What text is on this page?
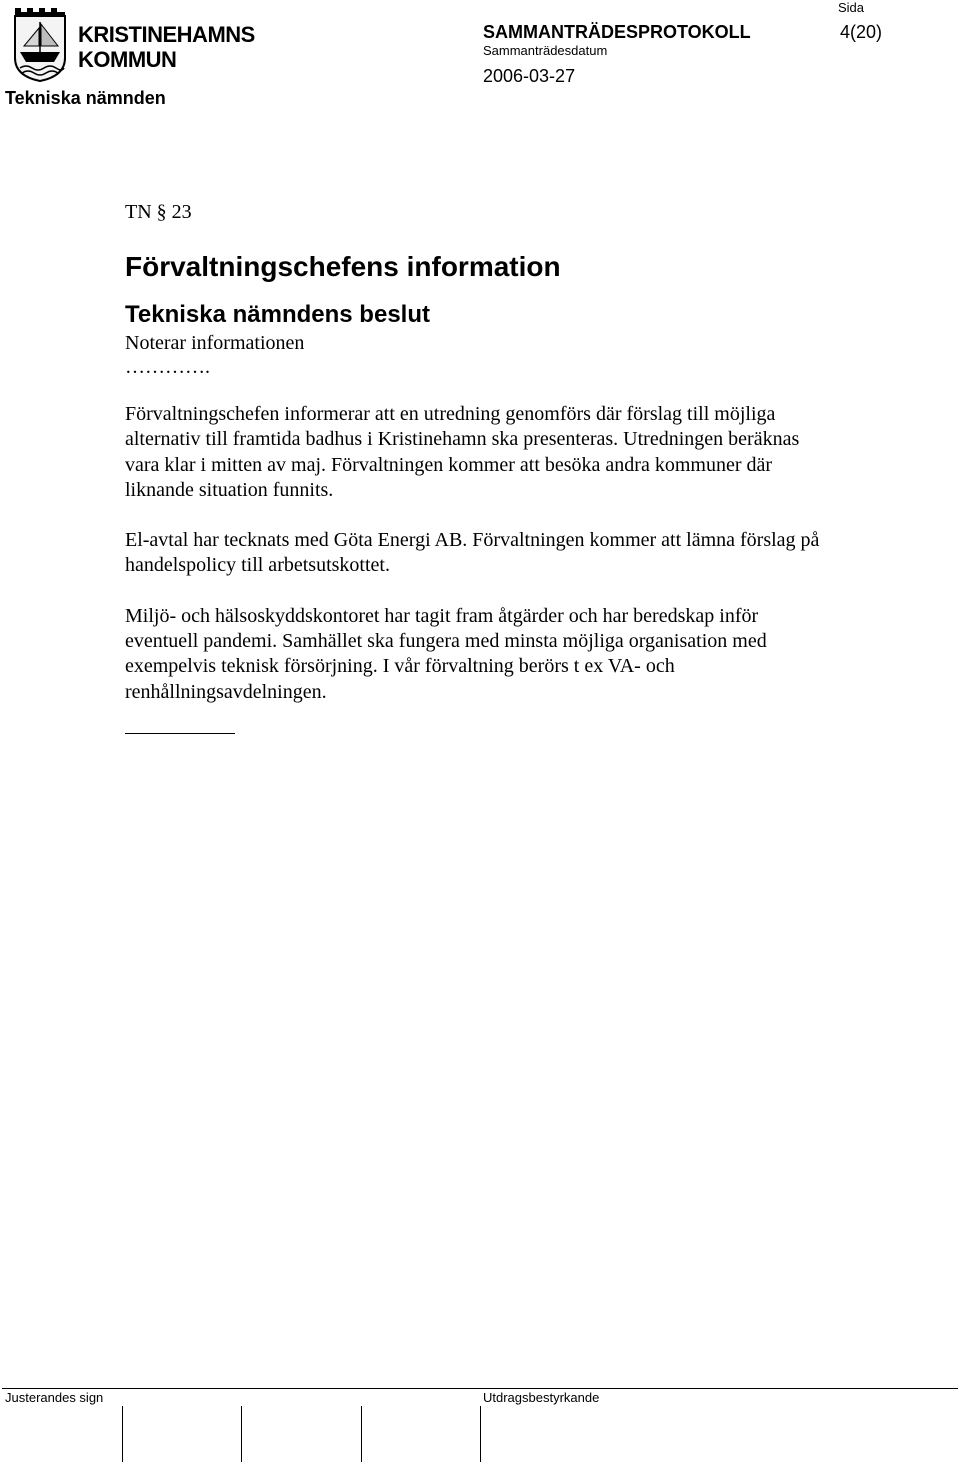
KRISTINEHAMNS
KOMMUN
Tekniska nämnden
SAMMANTRÄDESPROTOKOLL
Sammanträdesdatum
2006-03-27
Sida
4(20)

TN § 23

Förvaltningschefens information
Tekniska nämndens beslut

Noterar informationen

………….

Förvaltningschefen informerar att en utredning genomförs där förslag till möjliga alternativ till framtida badhus i Kristinehamn ska presenteras. Utredningen beräknas vara klar i mitten av maj. Förvaltningen kommer att besöka andra kommuner där liknande situation funnits.

El-avtal har tecknats med Göta Energi AB. Förvaltningen kommer att lämna förslag på handelspolicy till arbetsutskottet.

Miljö- och hälsoskyddskontoret har tagit fram åtgärder och har beredskap inför eventuell pandemi. Samhället ska fungera med minsta möjliga organisation med exempelvis teknisk försörjning. I vår förvaltning berörs t ex VA- och renhållningsavdelningen.

Justerandes sign	Utdragsbestyrkande
